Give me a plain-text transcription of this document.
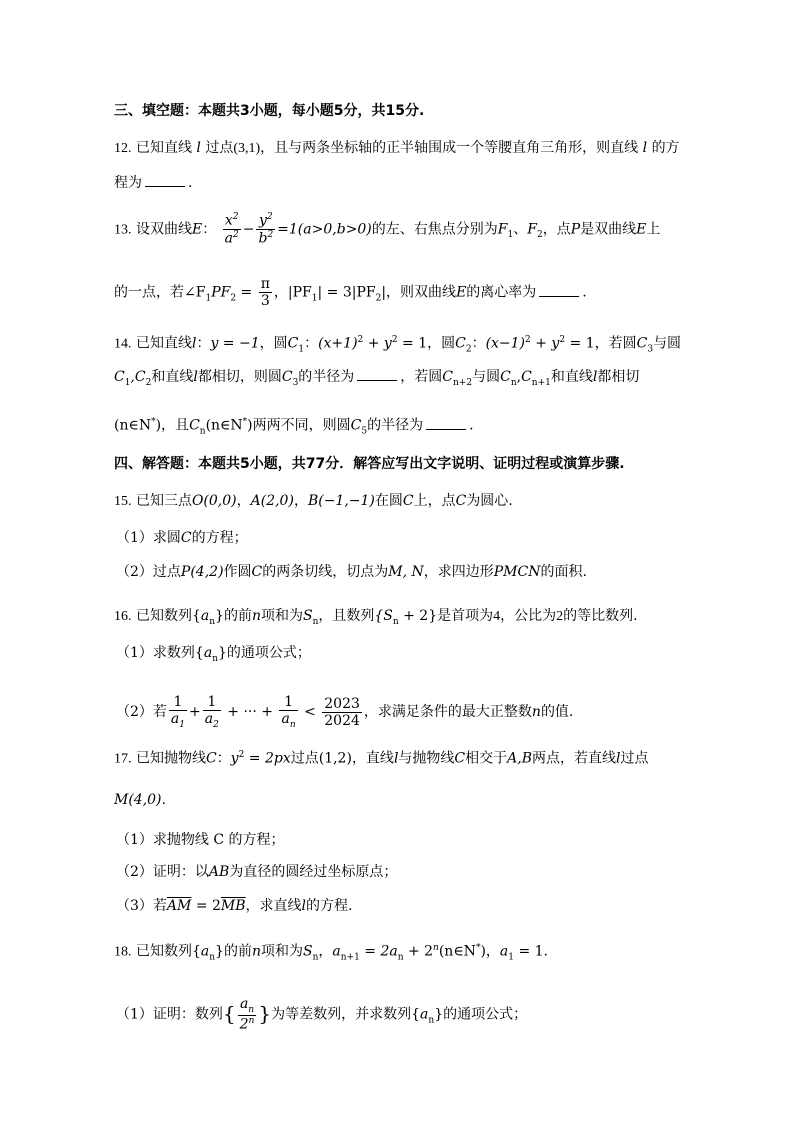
三、填空题：本题共3小题，每小题5分，共15分.
12. 已知直线 l 过点(3,1)，且与两条坐标轴的正半轴围成一个等腰直角三角形，则直线 l 的方
程为	.
13. 设双曲线E： $\frac{x^2}{a^2} - \frac{y^2}{b^2} =1(a>0,b>0)$的左、右焦点分别为$F_1$、$F_2$，点P是双曲线E上
的一点，若$\angle F_1PF_2 = \frac{\pi}{3}$ ，$|PF_1| = 3|PF_2|$，则双曲线E的离心率为	.
14. 已知直线l：y = −1，圆$C_1$：$(x+1)^2 + y^2 = 1$，圆$C_2$：$(x-1)^2 + y^2 = 1$，若圆$C_3$与圆
$C_1,C_2$和直线l都相切，则圆$C_3$的半径为	，若圆$C_{n+2}$与圆$C_n,C_{n+1}$和直线l都相切
(n∈N*)，且$C_n(n\in N^*)$两两不同，则圆$C_5$的半径为	.
四、解答题：本题共5小题，共77分．解答应写出文字说明、证明过程或演算步骤.
15. 已知三点O(0,0)，A(2,0)，B(−1,−1)在圆C上，点C为圆心.
（1）求圆C的方程；
（2）过点P(4,2)作圆C的两条切线，切点为M, N，求四边形PMCN的面积.
16. 已知数列$\{a_n\}$的前n项和为$S_n$，且数列$\{S_n + 2\}$是首项为4，公比为2的等比数列.
（1）求数列$\{a_n\}$的通项公式；
（2）若 $\frac{1}{a_1} + \frac{1}{a_2}$ + ··· + $\frac{1}{a_n} < \frac{2023}{2024}$ ，求满足条件的最大正整数n的值.
17. 已知抛物线C：$y^2 = 2px$过点(1,2)，直线l与抛物线C相交于A,B两点，若直线l过点
M(4,0).
（1）求抛物线 C 的方程；
（2）证明：以AB为直径的圆经过坐标原点；
（3）若$\overline{AM} = 2\overline{MB}$，求直线l的方程.
18. 已知数列$\{a_n\}$的前n项和为$S_n$，$a_{n+1} = 2a_n$ + $2^n(n\in N^*)$，$a_1 = 1$.
（1）证明：数列{ $\frac{a_n}{2^n}$ }为等差数列，并求数列$\{a_n\}$的通项公式；
